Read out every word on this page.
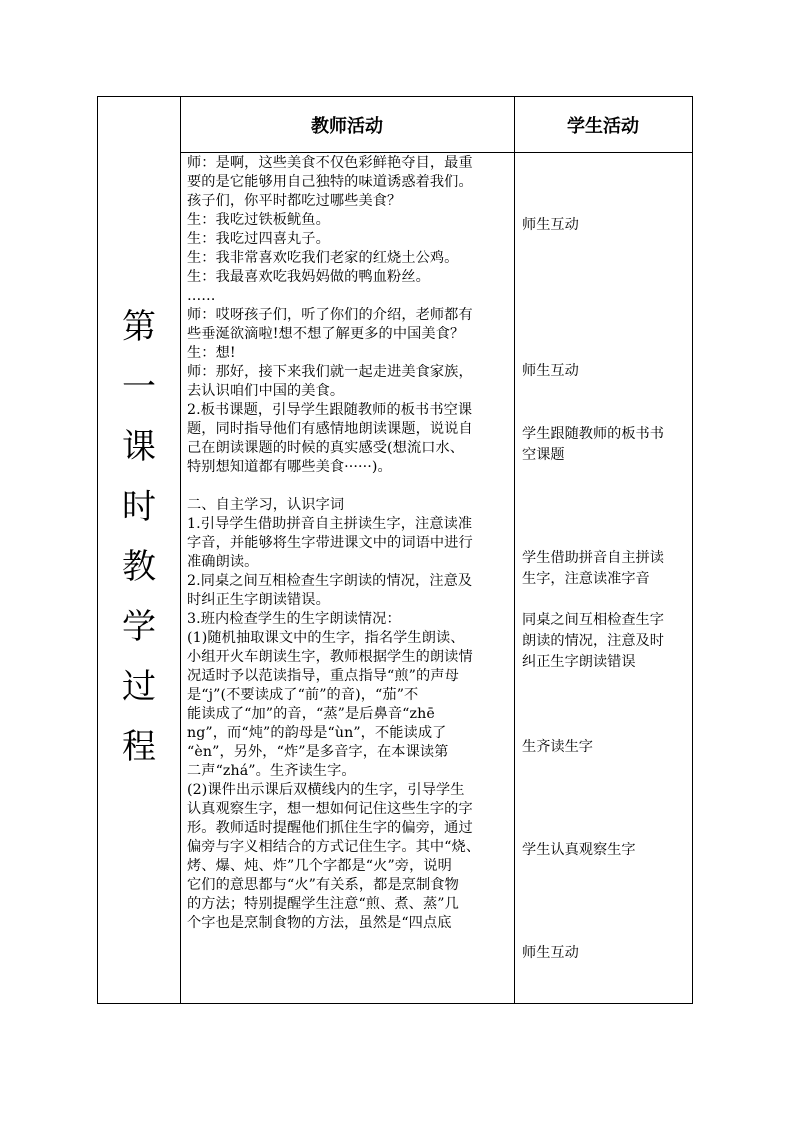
教师活动	学生活动
第
一
课
时
教
学
过
程
师：是啊，这些美食不仅色彩鲜艳夺目，最重
要的是它能够用自己独特的味道诱惑着我们。
孩子们，你平时都吃过哪些美食？
生：我吃过铁板鱿鱼。
生：我吃过四喜丸子。
生：我非常喜欢吃我们老家的红烧土公鸡。
生：我最喜欢吃我妈妈做的鸭血粉丝。
……
师：哎呀孩子们，听了你们的介绍，老师都有
些垂涎欲滴啦!想不想了解更多的中国美食？
生：想!
师：那好，接下来我们就一起走进美食家族，
去认识咱们中国的美食。
2.板书课题，引导学生跟随教师的板书书空课
题，同时指导他们有感情地朗读课题，说说自
己在朗读课题的时候的真实感受(想流口水、
特别想知道都有哪些美食······)。
二、自主学习，认识字词
1.引导学生借助拼音自主拼读生字，注意读准
字音，并能够将生字带进课文中的词语中进行
准确朗读。
2.同桌之间互相检查生字朗读的情况，注意及
时纠正生字朗读错误。
3.班内检查学生的生字朗读情况：
(1)随机抽取课文中的生字，指名学生朗读、
小组开火车朗读生字，教师根据学生的朗读情
况适时予以范读指导，重点指导“煎”的声母
是“j”(不要读成了“前”的音)，“茄”不
能读成了“加”的音，“蒸”是后鼻音“zhē
ng”，而“炖”的韵母是“ùn”，不能读成了
“èn”，另外，“炸”是多音字，在本课读第
二声“zhá”。生齐读生字。
(2)课件出示课后双横线内的生字，引导学生
认真观察生字，想一想如何记住这些生字的字
形。教师适时提醒他们抓住生字的偏旁，通过
偏旁与字义相结合的方式记住生字。其中“烧、
烤、爆、炖、炸”几个字都是“火”旁，说明
它们的意思都与“火”有关系，都是烹制食物
的方法；特别提醒学生注意“煎、煮、蒸”几
个字也是烹制食物的方法，虽然是“四点底
师生互动
师生互动
学生跟随教师的板书书
空课题
学生借助拼音自主拼读
生字，注意读准字音
同桌之间互相检查生字
朗读的情况，注意及时
纠正生字朗读错误
生齐读生字
学生认真观察生字
师生互动
